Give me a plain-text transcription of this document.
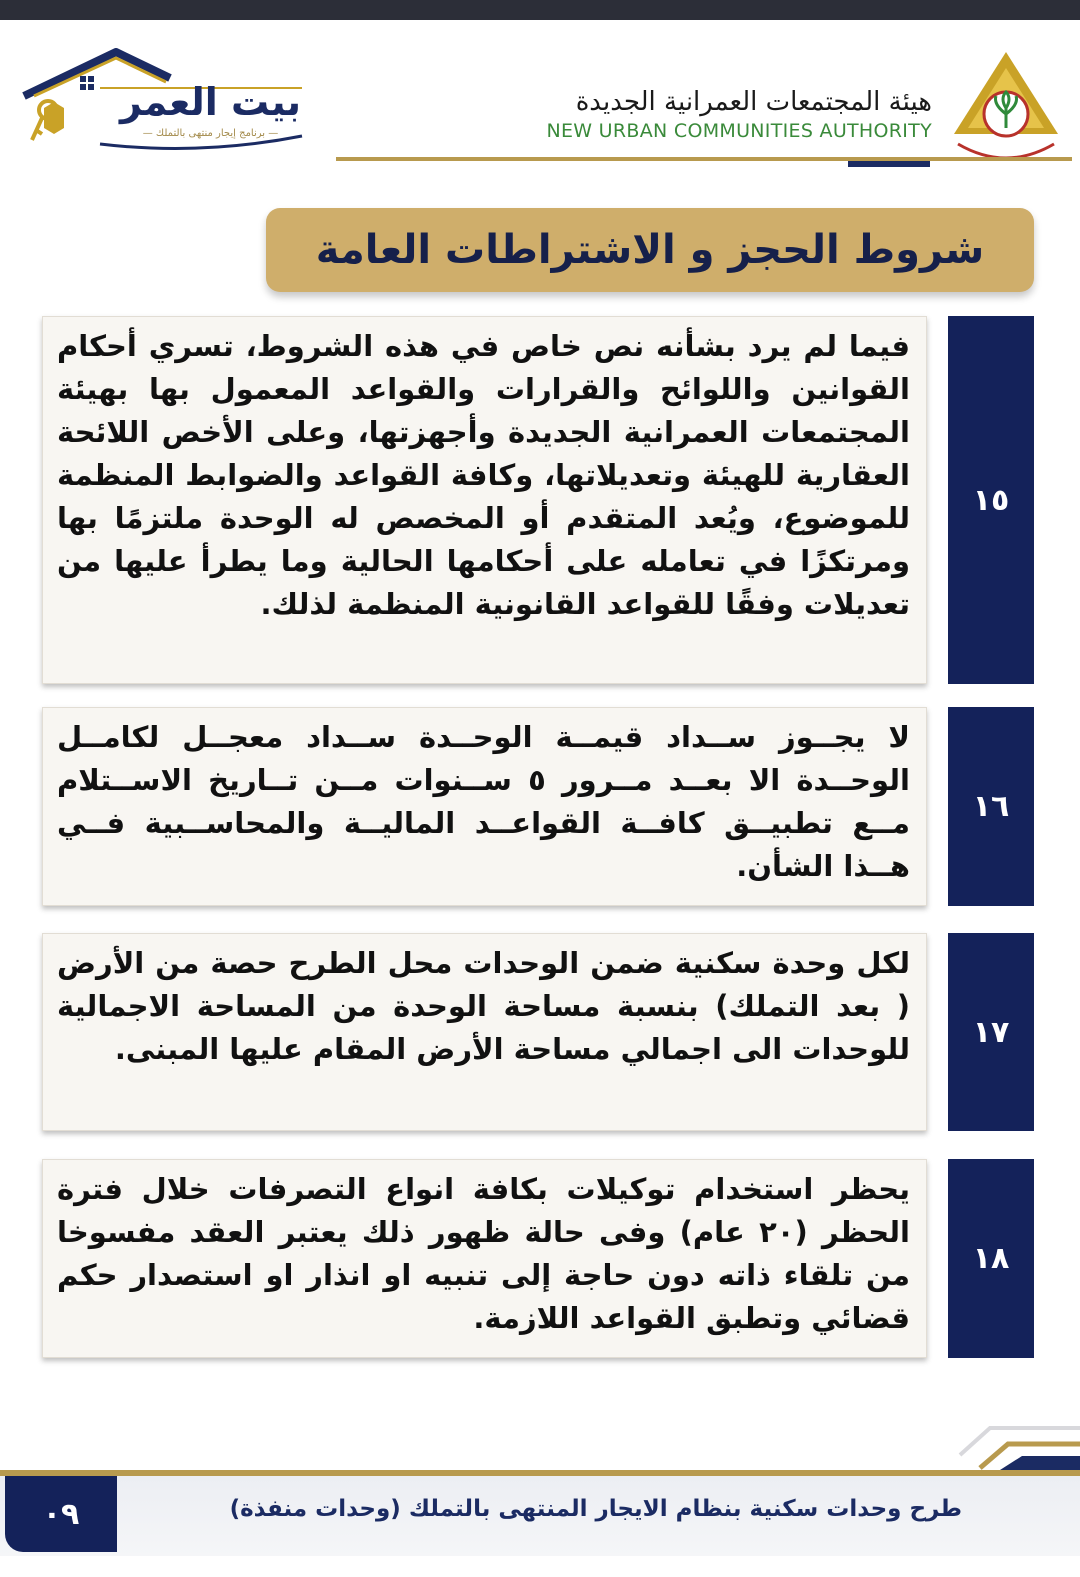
هيئة المجتمعات العمرانية الجديدة
NEW URBAN COMMUNITIES AUTHORITY
بيت العمر
— برنامج إيجار منتهى بالتملك —
شروط الحجز و الاشتراطات العامة
فيما لم يرد بشأنه نص خاص في هذه الشروط، تسري أحكام القوانين واللوائح والقرارات والقواعد المعمول بها بهيئة المجتمعات العمرانية الجديدة وأجهزتها، وعلى الأخص اللائحة العقارية للهيئة وتعديلاتها، وكافة القواعد والضوابط المنظمة للموضوع، ويُعد المتقدم أو المخصص له الوحدة ملتزمًا بها ومرتكزًا في تعامله على أحكامها الحالية وما يطرأ عليها من تعديلات وفقًا للقواعد القانونية المنظمة لذلك.
١٥
لا يجــوز ســداد قيمــة الوحــدة ســداد معجــل لكامــل الوحــدة الا بعــد مــرور ٥ ســنوات مــن تــاريخ الاســتلام مــع تطبيــق كافــة القواعــد الماليــة والمحاســبية فــي هــذا الشأن.
١٦
لكل وحدة سكنية ضمن الوحدات محل الطرح حصة من الأرض ( بعد التملك) بنسبة مساحة الوحدة من المساحة الاجمالية للوحدات الى اجمالي مساحة الأرض المقام عليها المبنى.	١٧
يحظر استخدام توكيلات بكافة انواع التصرفات خلال فترة الحظر (٢٠ عام) وفى حالة ظهور ذلك يعتبر العقد مفسوخا من تلقاء ذاته دون حاجة إلى تنبيه او انذار او استصدار حكم قضائي وتطبق القواعد اللازمة.
١٨
٠٩	طرح وحدات سكنية بنظام الايجار المنتهى بالتملك (وحدات منفذة)
